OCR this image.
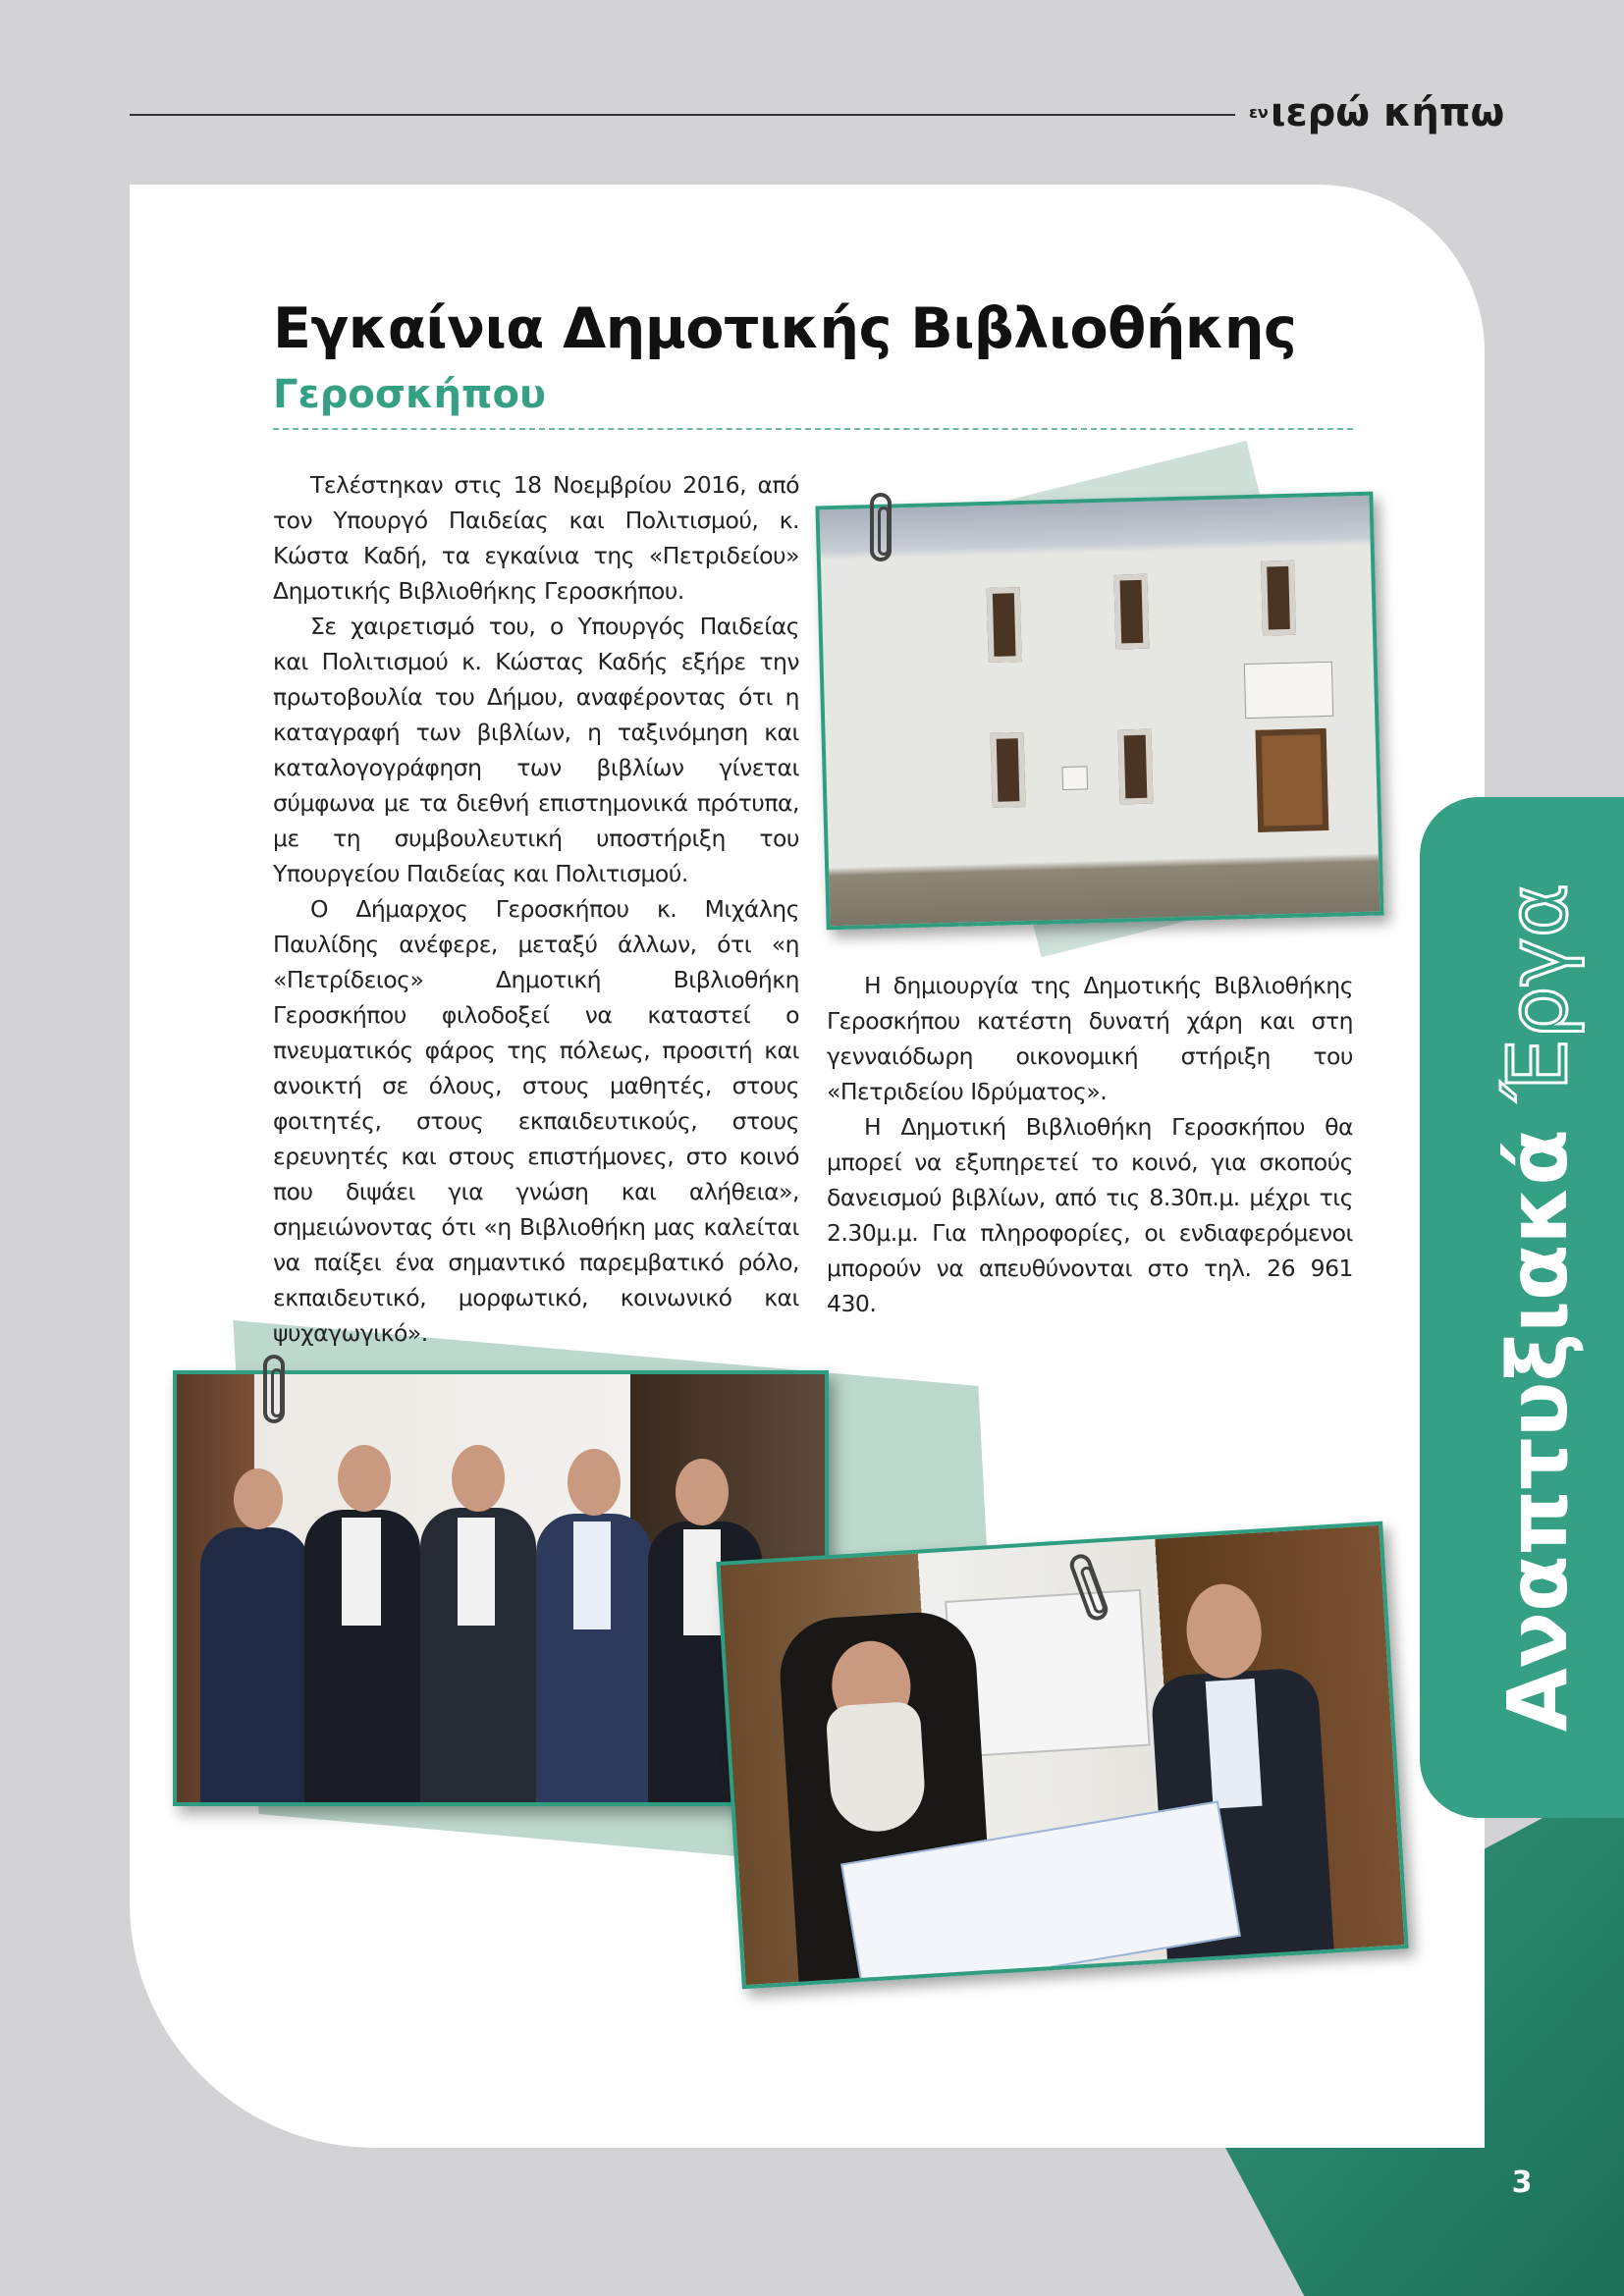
$^{\varepsilon\nu}$ιερώ κήπω
Αναπτυξιακά Έργα
Εγκαίνια Δημοτικής Βιβλιοθήκης
Γεροσκήπου

Τελέστηκαν στις 18 Νοεμβρίου 2016, από τον Υπουργό Παιδείας και Πολιτισμού, κ. Κώστα Καδή, τα εγκαίνια της «Πετριδείου» Δημοτικής Βιβλιοθήκης Γεροσκήπου.

Σε χαιρετισμό του, ο Υπουργός Παιδείας και Πολιτισμού κ. Κώστας Καδής εξήρε την πρωτοβουλία του Δήμου, αναφέροντας ότι η καταγραφή των βιβλίων, η ταξινόμηση και καταλογογράφηση των βιβλίων γίνεται σύμφωνα με τα διεθνή επιστημονικά πρότυπα, με τη συμβουλευτική υποστήριξη του Υπουργείου Παιδείας και Πολιτισμού.

Ο Δήμαρχος Γεροσκήπου κ. Μιχάλης Παυλίδης ανέφερε, μεταξύ άλλων, ότι «η «Πετρίδειος» Δημοτική Βιβλιοθήκη Γεροσκήπου φιλοδοξεί να καταστεί ο πνευματικός φάρος της πόλεως, προσιτή και ανοικτή σε όλους, στους μαθητές, στους φοιτητές, στους εκπαιδευτικούς, στους ερευνητές και στους επιστήμονες, στο κοινό που διψάει για γνώση και αλήθεια», σημειώνοντας ότι «η Βιβλιοθήκη μας καλείται να παίξει ένα σημαντικό παρεμβατικό ρόλο, εκπαιδευτικό, μορφωτικό, κοινωνικό και ψυχαγωγικό».

Η δημιουργία της Δημοτικής Βιβλιοθήκης Γεροσκήπου κατέστη δυνατή χάρη και στη γενναιόδωρη οικονομική στήριξη του «Πετριδείου Ιδρύματος».

Η Δημοτική Βιβλιοθήκη Γεροσκήπου θα μπορεί να εξυπηρετεί το κοινό, για σκοπούς δανεισμού βιβλίων, από τις 8.30π.μ. μέχρι τις 2.30μ.μ. Για πληροφορίες, οι ενδιαφερόμενοι μπορούν να απευθύνονται στο τηλ. 26 961 430.

3
